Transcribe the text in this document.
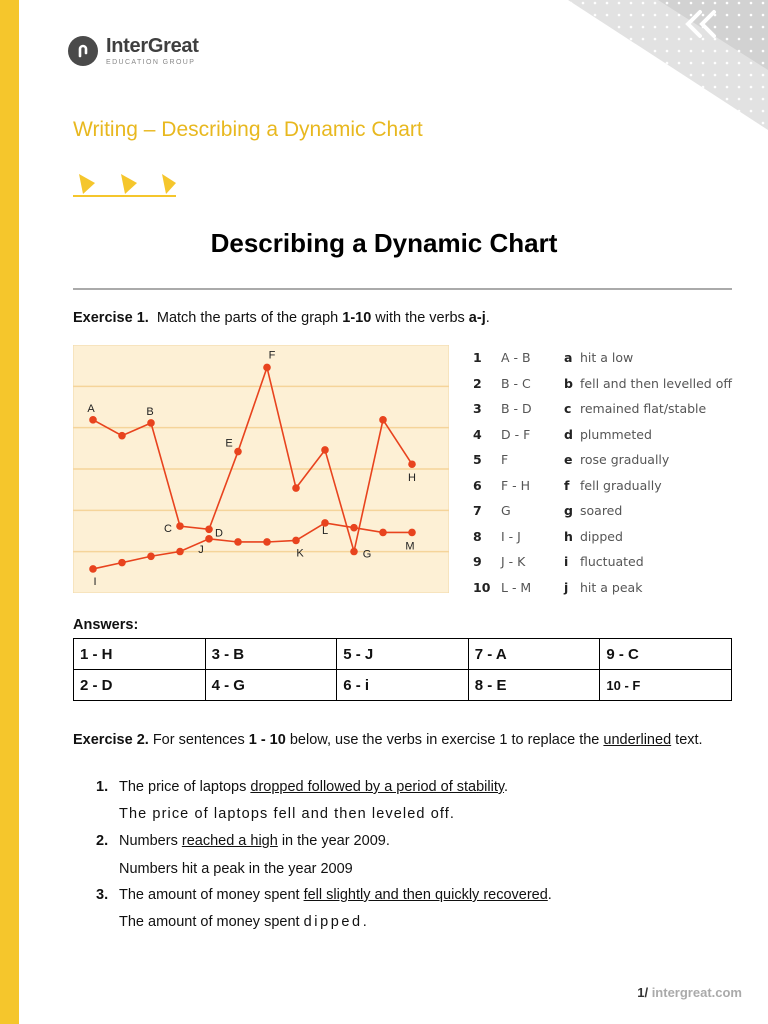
InterGreat
EDUCATION GROUP
Writing – Describing a Dynamic Chart
Describing a Dynamic Chart
Exercise 1. Match the parts of the graph 1-10 with the verbs a-j.
A	B
C	D
E
F
G
H
I
J	K
L
M
1	A - B	a hit a low
2	B - C	b fell and then levelled off
3	B - D	c remained flat/stable
4	D - F	d plummeted
5	F	e rose gradually
6	F - H	f fell gradually
7	G	g soared
8	I - J	h dipped
9	J - K	i fluctuated
10 L - M	j hit a peak
Answers:
1 - H	3 - B	5 - J	7 - A	9 - C
2 - D	4 - G	6 - i	8 - E	10 - F
Exercise 2. For sentences 1 - 10 below, use the verbs in exercise 1 to replace the underlined text.
1. The price of laptops dropped followed by a period of stability.
The price of laptops fell and then leveled off.
2. Numbers reached a high in the year 2009.
Numbers hit a peak in the year 2009
3. The amount of money spent fell slightly and then quickly recovered.
The amount of money spent dipped.
1/ intergreat.com
